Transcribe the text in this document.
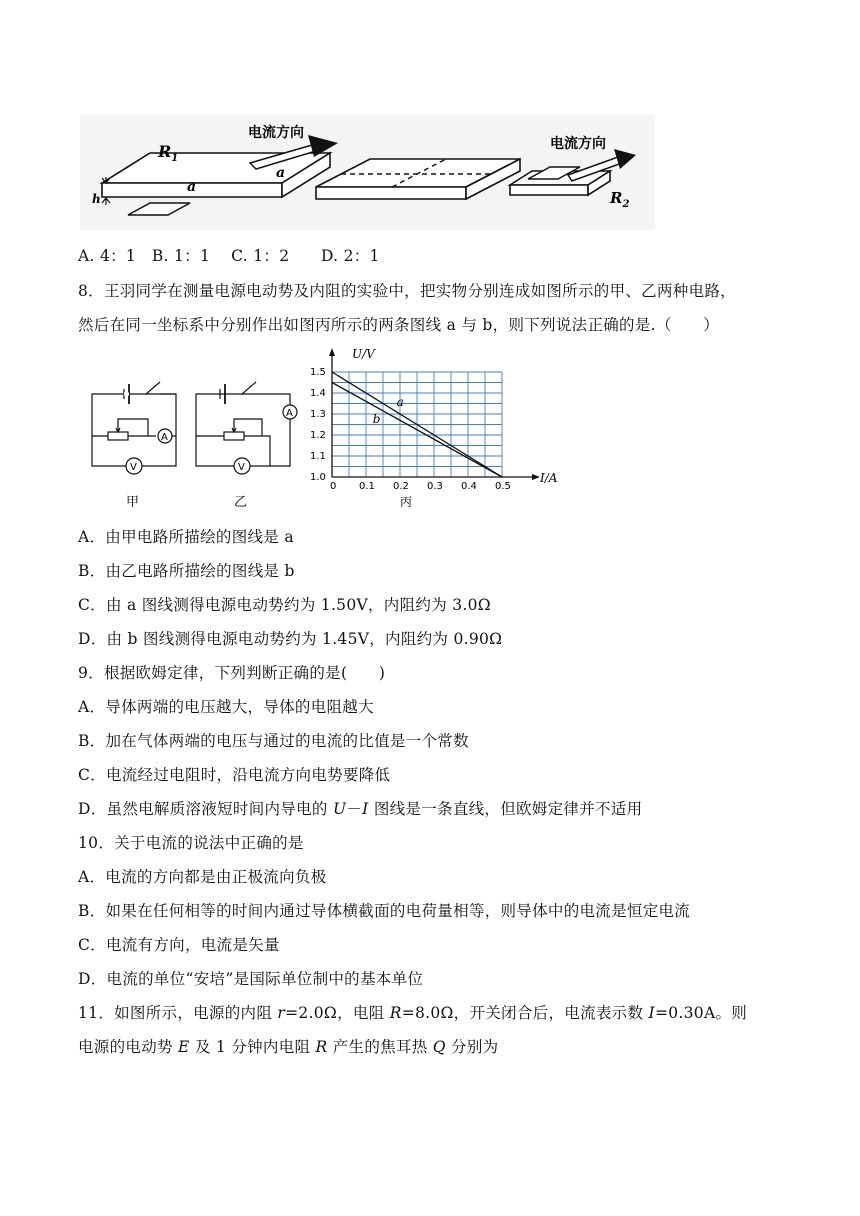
电流方向
$R_1$
a
a
h
电流方向
$R_2$
A. 4：1　B. 1：1　 C. 1：2　　D. 2：1
8．王羽同学在测量电源电动势及内阻的实验中，把实物分别连成如图所示的甲、乙两种电路，
然后在同一坐标系中分别作出如图丙所示的两条图线 a 与 b，则下列说法正确的是.（　　）
A
V
甲
A
V
乙
a
b
0 0.1 0.2 0.3 0.4 0.5
1.0
1.1
1.2
1.3
1.4
1.5
U/V
I/A
丙
A．由甲电路所描绘的图线是 a
B．由乙电路所描绘的图线是 b
C．由 a 图线测得电源电动势约为 1.50V，内阻约为 3.0Ω
D．由 b 图线测得电源电动势约为 1.45V，内阻约为 0.90Ω
9．根据欧姆定律，下列判断正确的是(　　)
A．导体两端的电压越大，导体的电阻越大
B．加在气体两端的电压与通过的电流的比值是一个常数
C．电流经过电阻时，沿电流方向电势要降低
D．虽然电解质溶液短时间内导电的 U－I 图线是一条直线，但欧姆定律并不适用
10．关于电流的说法中正确的是
A．电流的方向都是由正极流向负极
B．如果在任何相等的时间内通过导体横截面的电荷量相等，则导体中的电流是恒定电流
C．电流有方向，电流是矢量
D．电流的单位“安培”是国际单位制中的基本单位
11．如图所示，电源的内阻 r=2.0Ω，电阻 R=8.0Ω，开关闭合后，电流表示数 I=0.30A。则
电源的电动势 E 及 1 分钟内电阻 R 产生的焦耳热 Q 分别为
